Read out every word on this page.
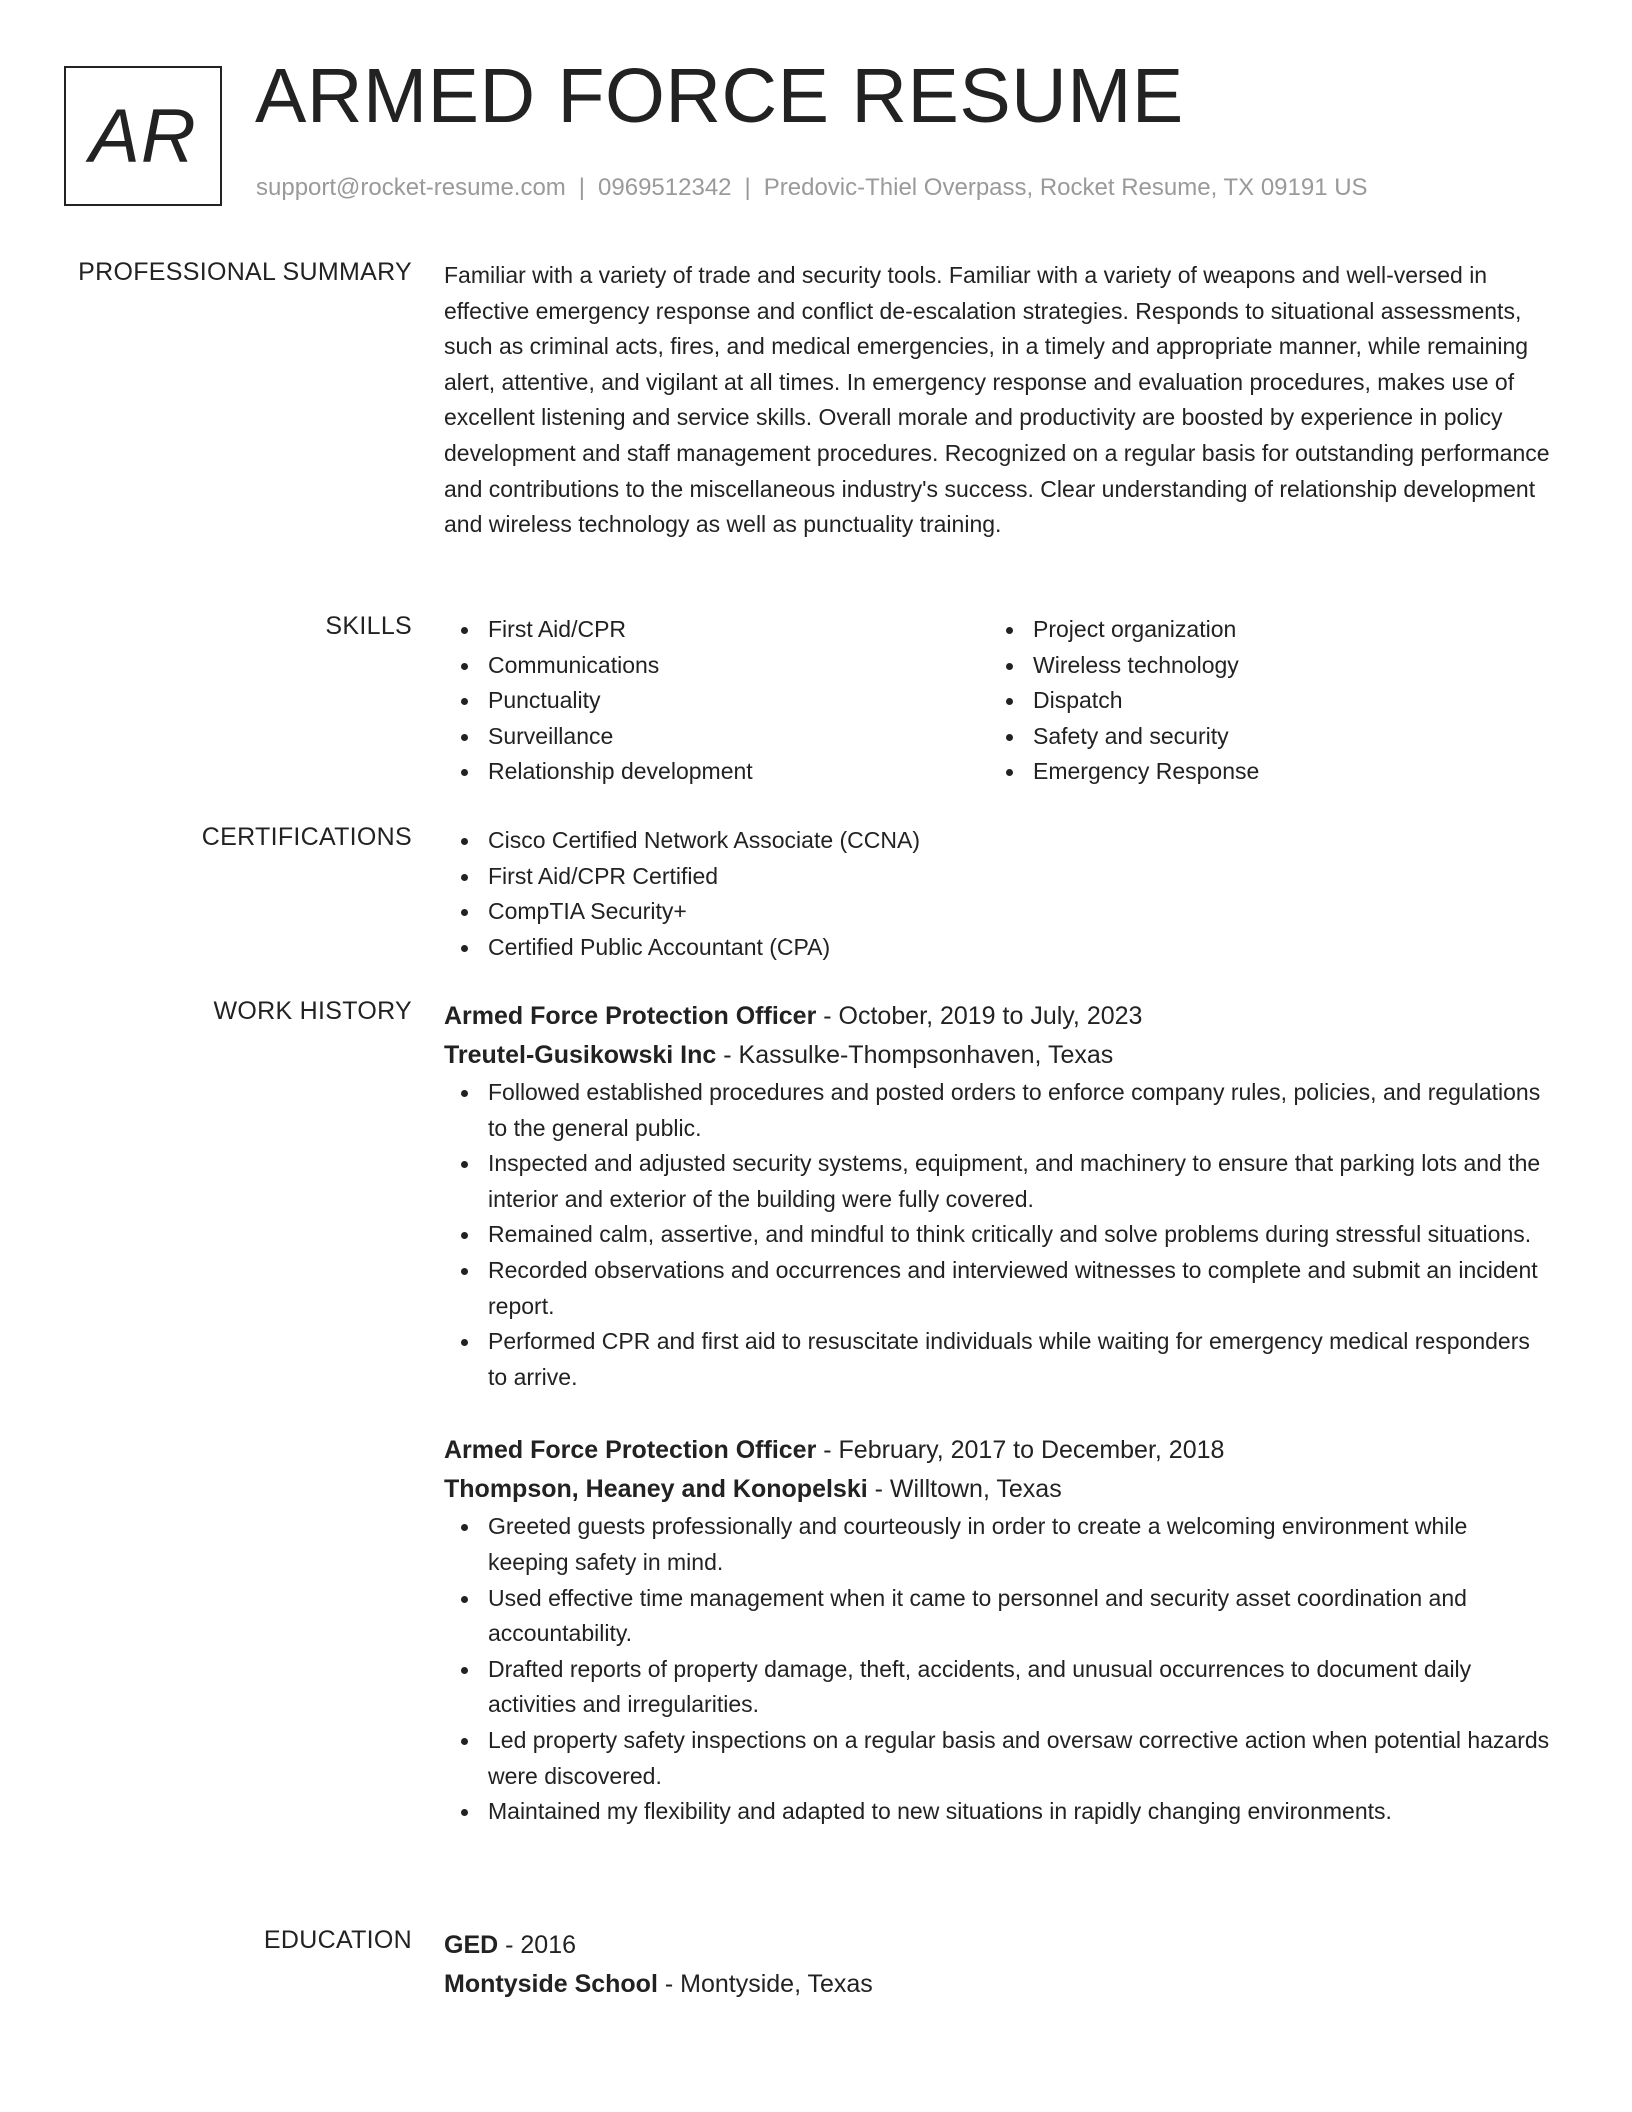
AR ARMED FORCE RESUME
support@rocket-resume.com | 0969512342 | Predovic-Thiel Overpass, Rocket Resume, TX 09191 US
PROFESSIONAL SUMMARY Familiar with a variety of trade and security tools. Familiar with a variety of weapons and well-versed in effective emergency response and conflict de-escalation strategies. Responds to situational assessments, such as criminal acts, fires, and medical emergencies, in a timely and appropriate manner, while remaining alert, attentive, and vigilant at all times. In emergency response and evaluation procedures, makes use of excellent listening and service skills. Overall morale and productivity are boosted by experience in policy development and staff management procedures. Recognized on a regular basis for outstanding performance and contributions to the miscellaneous industry's success. Clear understanding of relationship development and wireless technology as well as punctuality training.
SKILLS	First Aid/CPR
Communications
Punctuality
Surveillance
Relationship development
Project organization
Wireless technology
Dispatch
Safety and security
Emergency Response
CERTIFICATIONS	Cisco Certified Network Associate (CCNA)
First Aid/CPR Certified
CompTIA Security+
Certified Public Accountant (CPA)
WORK HISTORY Armed Force Protection Officer - October, 2019 to July, 2023
Treutel-Gusikowski Inc - Kassulke-Thompsonhaven, Texas
Followed established procedures and posted orders to enforce company rules, policies, and regulations to the general public.
Inspected and adjusted security systems, equipment, and machinery to ensure that parking lots and the interior and exterior of the building were fully covered.
Remained calm, assertive, and mindful to think critically and solve problems during stressful situations.
Recorded observations and occurrences and interviewed witnesses to complete and submit an incident report.
Performed CPR and first aid to resuscitate individuals while waiting for emergency medical responders to arrive.
Armed Force Protection Officer - February, 2017 to December, 2018
Thompson, Heaney and Konopelski - Willtown, Texas
Greeted guests professionally and courteously in order to create a welcoming environment while keeping safety in mind.
Used effective time management when it came to personnel and security asset coordination and accountability.
Drafted reports of property damage, theft, accidents, and unusual occurrences to document daily activities and irregularities.
Led property safety inspections on a regular basis and oversaw corrective action when potential hazards were discovered.
Maintained my flexibility and adapted to new situations in rapidly changing environments.
EDUCATION GED - 2016
Montyside School - Montyside, Texas
